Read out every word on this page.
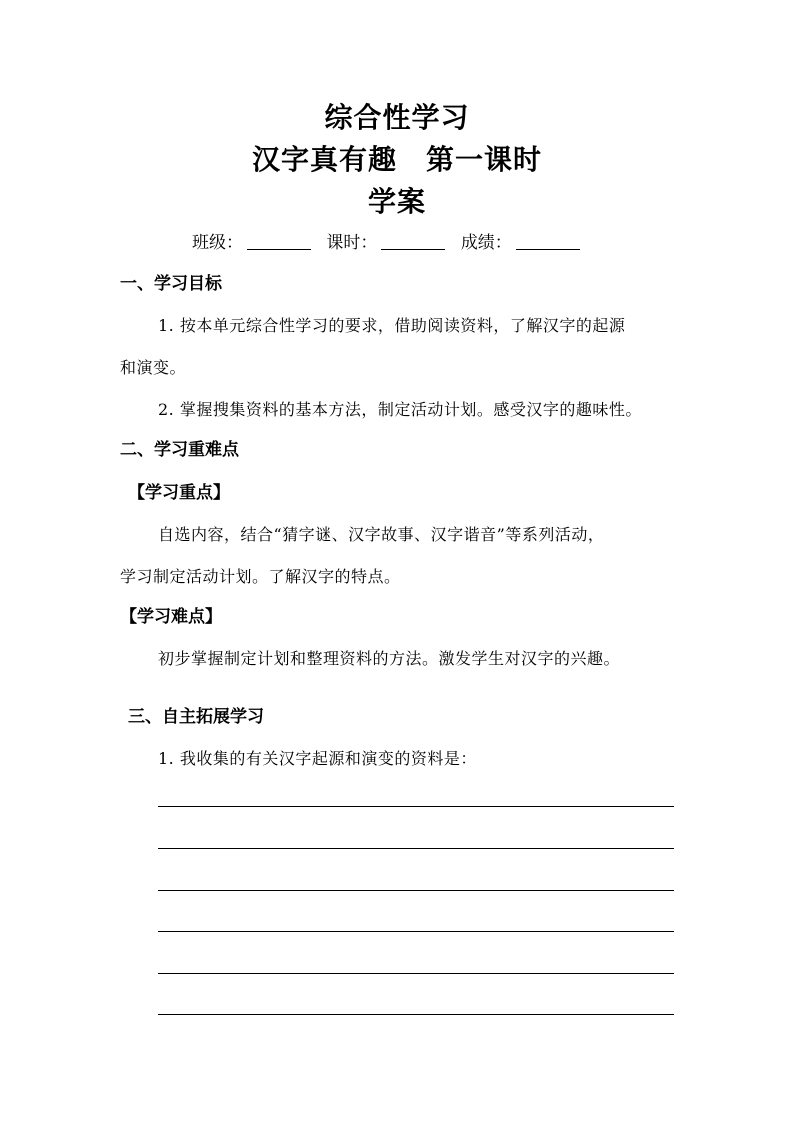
综合性学习
汉字真有趣　第一课时
学案
班级：	课时：	成绩：
一、学习目标
1. 按本单元综合性学习的要求，借助阅读资料，了解汉字的起源
和演变。
2. 掌握搜集资料的基本方法，制定活动计划。感受汉字的趣味性。
二、学习重难点
【学习重点】
自选内容，结合“猜字谜、汉字故事、汉字谐音”等系列活动，
学习制定活动计划。了解汉字的特点。
【学习难点】
初步掌握制定计划和整理资料的方法。激发学生对汉字的兴趣。
三、自主拓展学习
1. 我收集的有关汉字起源和演变的资料是：
